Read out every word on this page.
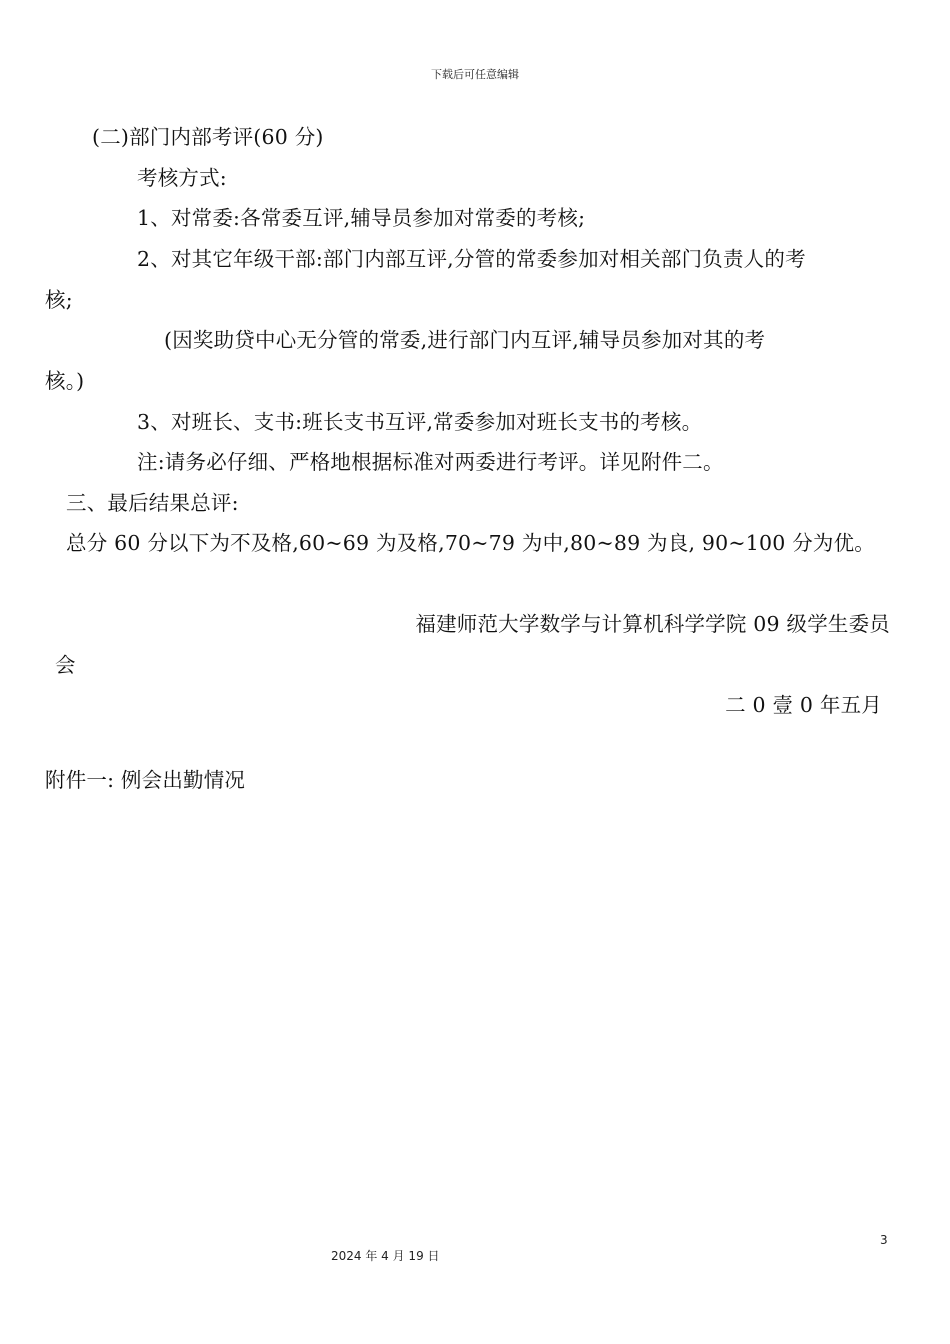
下载后可任意编辑
(二)部门内部考评(60 分)
考核方式:
1、对常委:各常委互评,辅导员参加对常委的考核;
2、对其它年级干部:部门内部互评,分管的常委参加对相关部门负责人的考
核;
(因奖助贷中心无分管的常委,进行部门内互评,辅导员参加对其的考
核。)
3、对班长、支书:班长支书互评,常委参加对班长支书的考核。
注:请务必仔细、严格地根据标准对两委进行考评。详见附件二。
三、最后结果总评:
总分 60 分以下为不及格,60~69 为及格,70~79 为中,80~89 为良, 90~100 分为优。
福建师范大学数学与计算机科学学院 09 级学生委员
会
二 0 壹 0 年五月
附件一: 例会出勤情况
3
2024 年 4 月 19 日
